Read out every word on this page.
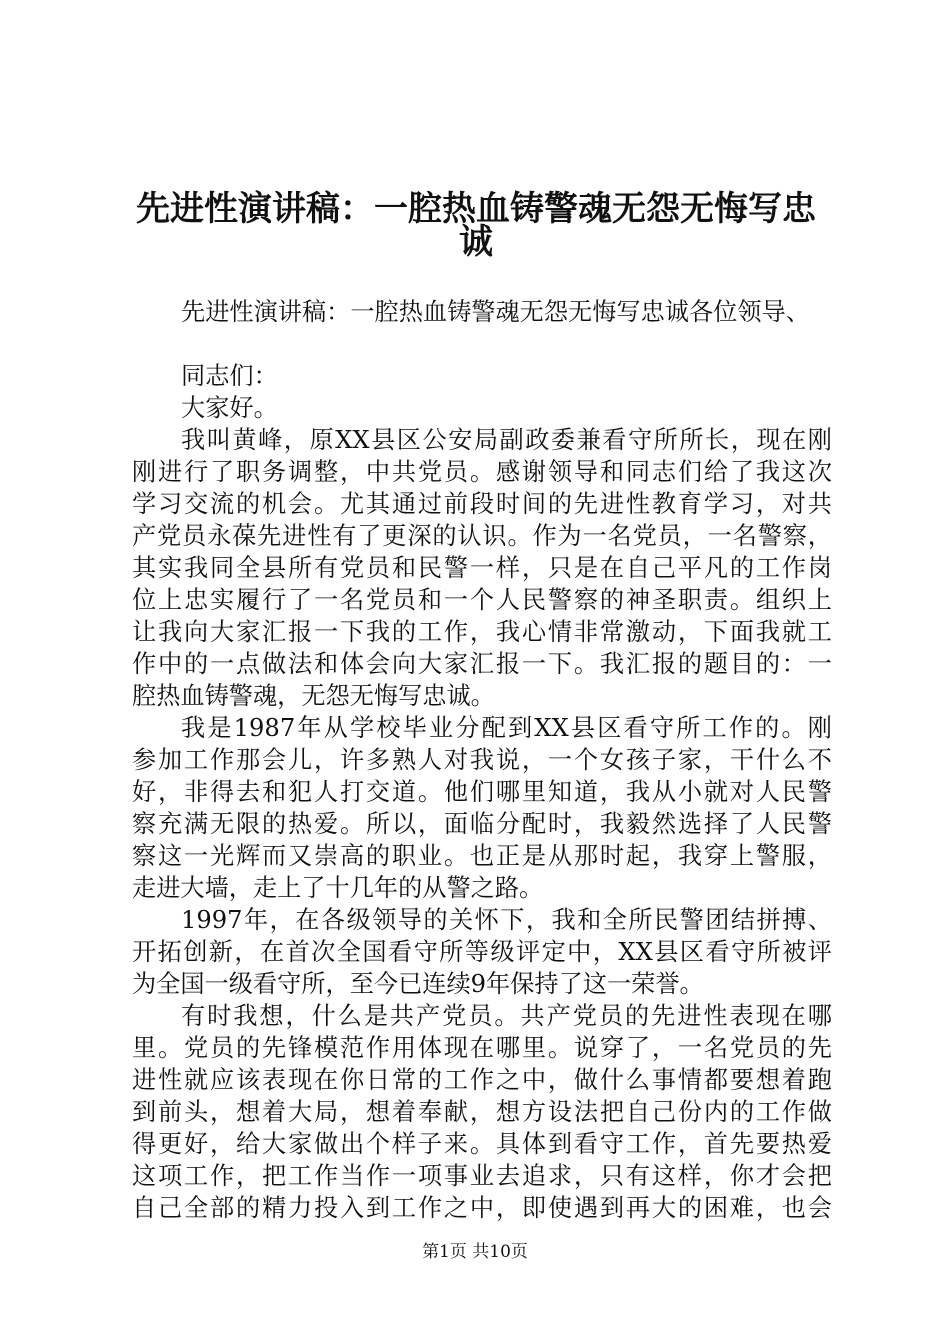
先进性演讲稿：一腔热血铸警魂无怨无悔写忠
诚
先进性演讲稿：一腔热血铸警魂无怨无悔写忠诚各位领导、
同志们：
大家好。
我叫黄峰，原XX县区公安局副政委兼看守所所长，现在刚
刚进行了职务调整，中共党员。感谢领导和同志们给了我这次
学习交流的机会。尤其通过前段时间的先进性教育学习，对共
产党员永葆先进性有了更深的认识。作为一名党员，一名警察，
其实我同全县所有党员和民警一样，只是在自己平凡的工作岗
位上忠实履行了一名党员和一个人民警察的神圣职责。组织上
让我向大家汇报一下我的工作，我心情非常激动，下面我就工
作中的一点做法和体会向大家汇报一下。我汇报的题目的：一
腔热血铸警魂，无怨无悔写忠诚。
我是1987年从学校毕业分配到XX县区看守所工作的。刚
参加工作那会儿，许多熟人对我说，一个女孩子家，干什么不
好，非得去和犯人打交道。他们哪里知道，我从小就对人民警
察充满无限的热爱。所以，面临分配时，我毅然选择了人民警
察这一光辉而又崇高的职业。也正是从那时起，我穿上警服，
走进大墙，走上了十几年的从警之路。
1997年，在各级领导的关怀下，我和全所民警团结拼搏、
开拓创新，在首次全国看守所等级评定中，XX县区看守所被评
为全国一级看守所，至今已连续9年保持了这一荣誉。
有时我想，什么是共产党员。共产党员的先进性表现在哪
里。党员的先锋模范作用体现在哪里。说穿了，一名党员的先
进性就应该表现在你日常的工作之中，做什么事情都要想着跑
到前头，想着大局，想着奉献，想方设法把自己份内的工作做
得更好，给大家做出个样子来。具体到看守工作，首先要热爱
这项工作，把工作当作一项事业去追求，只有这样，你才会把
自己全部的精力投入到工作之中，即使遇到再大的困难，也会
第1页 共10页
